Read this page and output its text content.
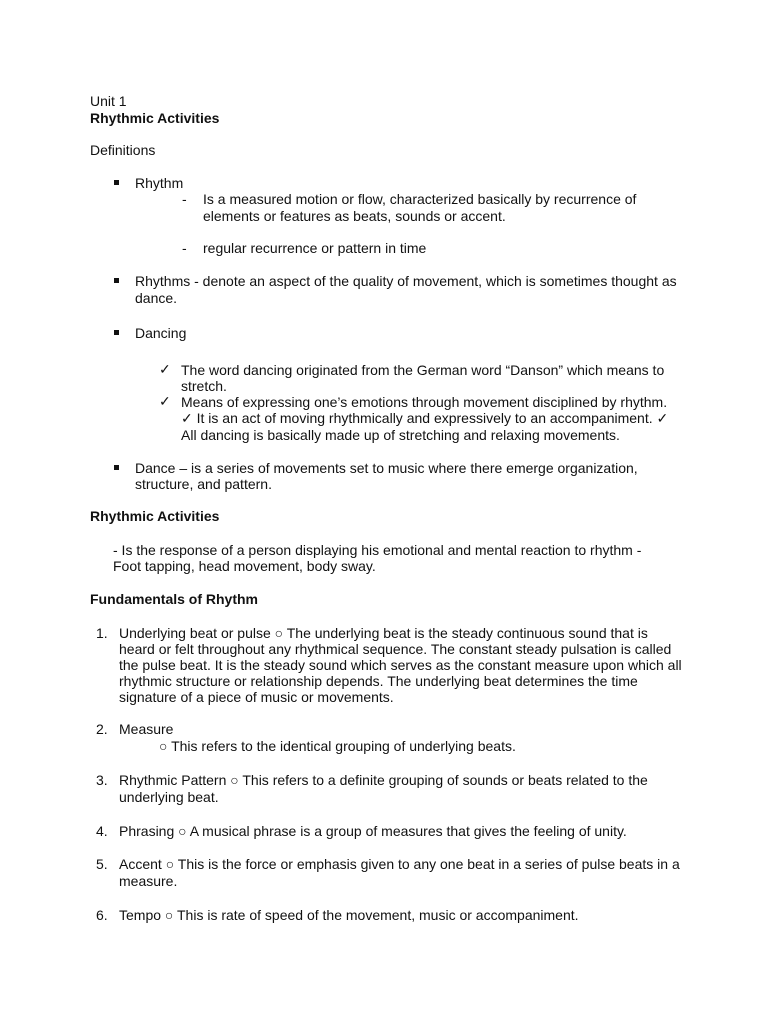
Unit 1
Rhythmic Activities
Definitions
Rhythm
- Is a measured motion or flow, characterized basically by recurrence of
elements or features as beats, sounds or accent.
- regular recurrence or pattern in time
Rhythms - denote an aspect of the quality of movement, which is sometimes thought as
dance.
Dancing
✓ The word dancing originated from the German word “Danson” which means to
stretch.
✓ Means of expressing one’s emotions through movement disciplined by rhythm.
✓ It is an act of moving rhythmically and expressively to an accompaniment. ✓
All dancing is basically made up of stretching and relaxing movements.
Dance – is a series of movements set to music where there emerge organization,
structure, and pattern.
Rhythmic Activities
- Is the response of a person displaying his emotional and mental reaction to rhythm -
Foot tapping, head movement, body sway.
Fundamentals of Rhythm
1. Underlying beat or pulse ○ The underlying beat is the steady continuous sound that is
heard or felt throughout any rhythmical sequence. The constant steady pulsation is called
the pulse beat. It is the steady sound which serves as the constant measure upon which all
rhythmic structure or relationship depends. The underlying beat determines the time
signature of a piece of music or movements.
2. Measure
○ This refers to the identical grouping of underlying beats.
3. Rhythmic Pattern ○ This refers to a definite grouping of sounds or beats related to the
underlying beat.
4. Phrasing ○ A musical phrase is a group of measures that gives the feeling of unity.
5. Accent ○ This is the force or emphasis given to any one beat in a series of pulse beats in a
measure.
6. Tempo ○ This is rate of speed of the movement, music or accompaniment.
